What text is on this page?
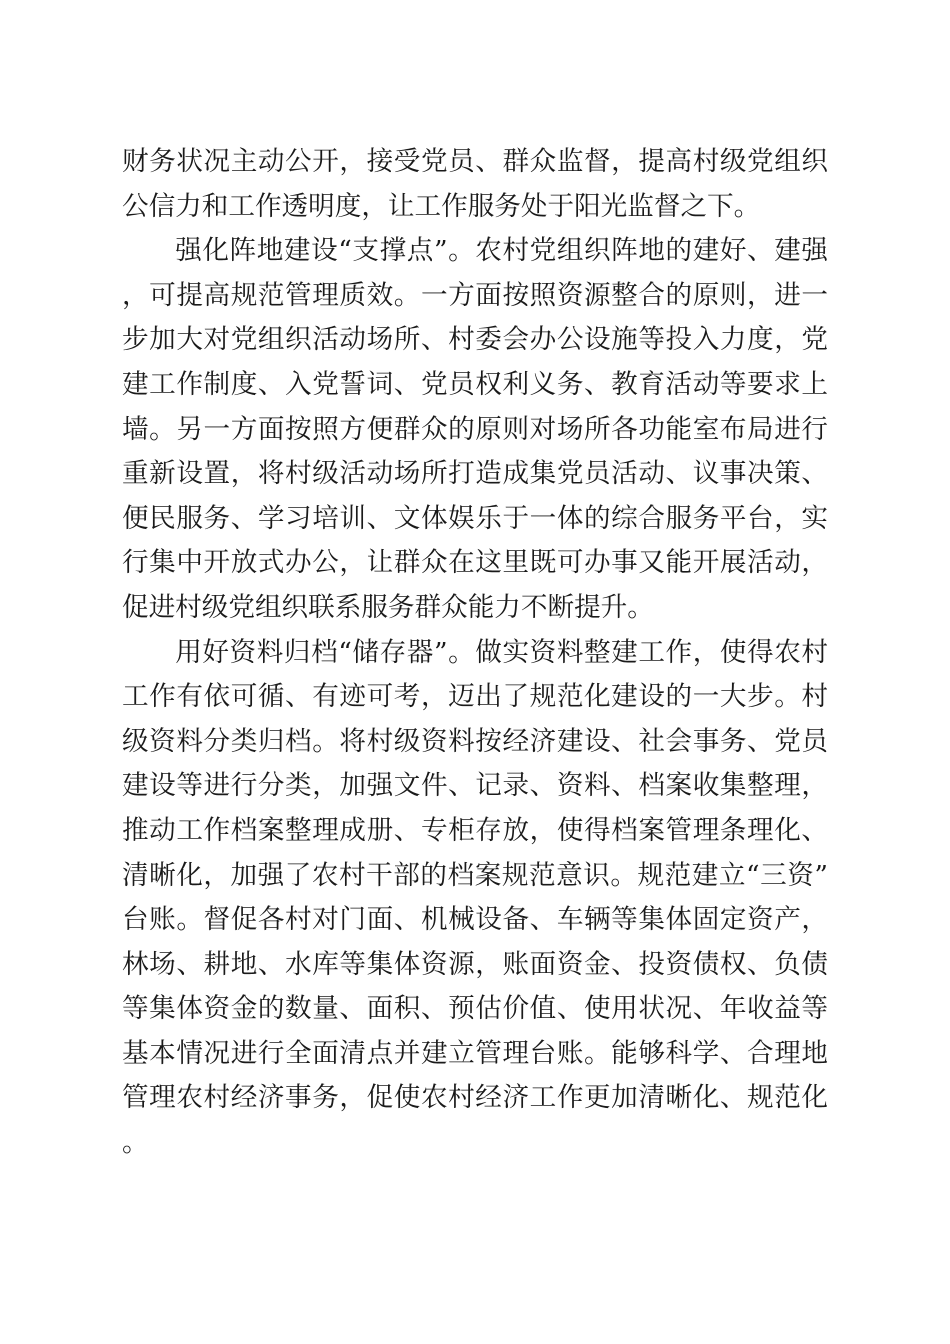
财务状况主动公开，接受党员、群众监督，提高村级党组织公信力和工作透明度，让工作服务处于阳光监督之下。

强化阵地建设“支撑点”。农村党组织阵地的建好、建强，可提高规范管理质效。一方面按照资源整合的原则，进一步加大对党组织活动场所、村委会办公设施等投入力度，党建工作制度、入党誓词、党员权利义务、教育活动等要求上墙。另一方面按照方便群众的原则对场所各功能室布局进行重新设置，将村级活动场所打造成集党员活动、议事决策、便民服务、学习培训、文体娱乐于一体的综合服务平台，实行集中开放式办公，让群众在这里既可办事又能开展活动，促进村级党组织联系服务群众能力不断提升。

用好资料归档“储存器”。做实资料整建工作，使得农村工作有依可循、有迹可考，迈出了规范化建设的一大步。村级资料分类归档。将村级资料按经济建设、社会事务、党员建设等进行分类，加强文件、记录、资料、档案收集整理，推动工作档案整理成册、专柜存放，使得档案管理条理化、清晰化，加强了农村干部的档案规范意识。规范建立“三资”台账。督促各村对门面、机械设备、车辆等集体固定资产，林场、耕地、水库等集体资源，账面资金、投资债权、负债等集体资金的数量、面积、预估价值、使用状况、年收益等基本情况进行全面清点并建立管理台账。能够科学、合理地管理农村经济事务，促使农村经济工作更加清晰化、规范化。
